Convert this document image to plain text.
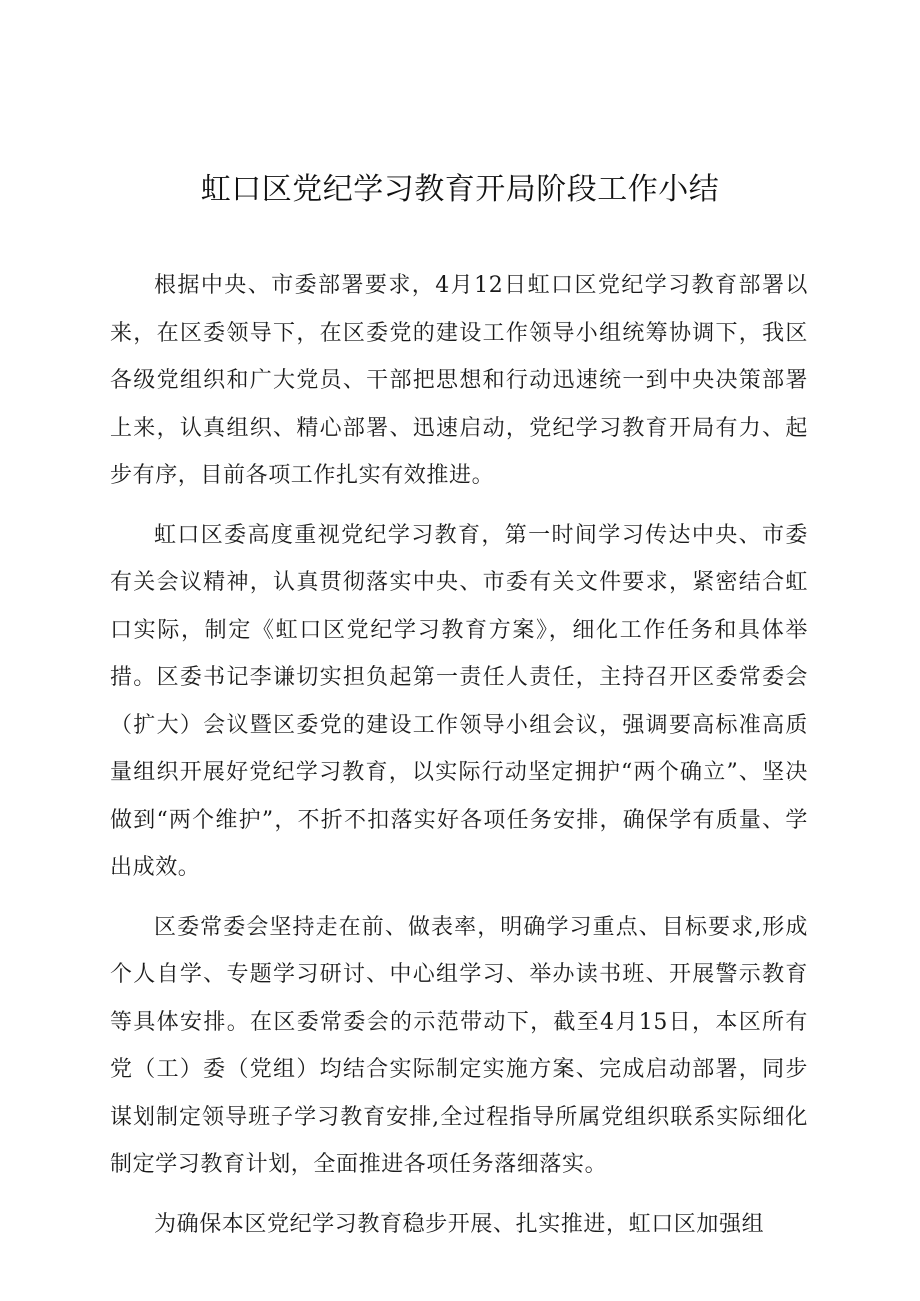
虹口区党纪学习教育开局阶段工作小结

根据中央、市委部署要求，4月12日虹口区党纪学习教育部署以来，在区委领导下，在区委党的建设工作领导小组统筹协调下，我区各级党组织和广大党员、干部把思想和行动迅速统一到中央决策部署上来，认真组织、精心部署、迅速启动，党纪学习教育开局有力、起步有序，目前各项工作扎实有效推进。

虹口区委高度重视党纪学习教育，第一时间学习传达中央、市委有关会议精神，认真贯彻落实中央、市委有关文件要求，紧密结合虹口实际，制定《虹口区党纪学习教育方案》，细化工作任务和具体举措。区委书记李谦切实担负起第一责任人责任，主持召开区委常委会（扩大）会议暨区委党的建设工作领导小组会议，强调要高标准高质量组织开展好党纪学习教育，以实际行动坚定拥护“两个确立”、坚决做到“两个维护”，不折不扣落实好各项任务安排，确保学有质量、学出成效。

区委常委会坚持走在前、做表率，明确学习重点、目标要求,形成个人自学、专题学习研讨、中心组学习、举办读书班、开展警示教育等具体安排。在区委常委会的示范带动下，截至4月15日，本区所有党（工）委（党组）均结合实际制定实施方案、完成启动部署，同步谋划制定领导班子学习教育安排,全过程指导所属党组织联系实际细化制定学习教育计划，全面推进各项任务落细落实。

为确保本区党纪学习教育稳步开展、扎实推进，虹口区加强组
